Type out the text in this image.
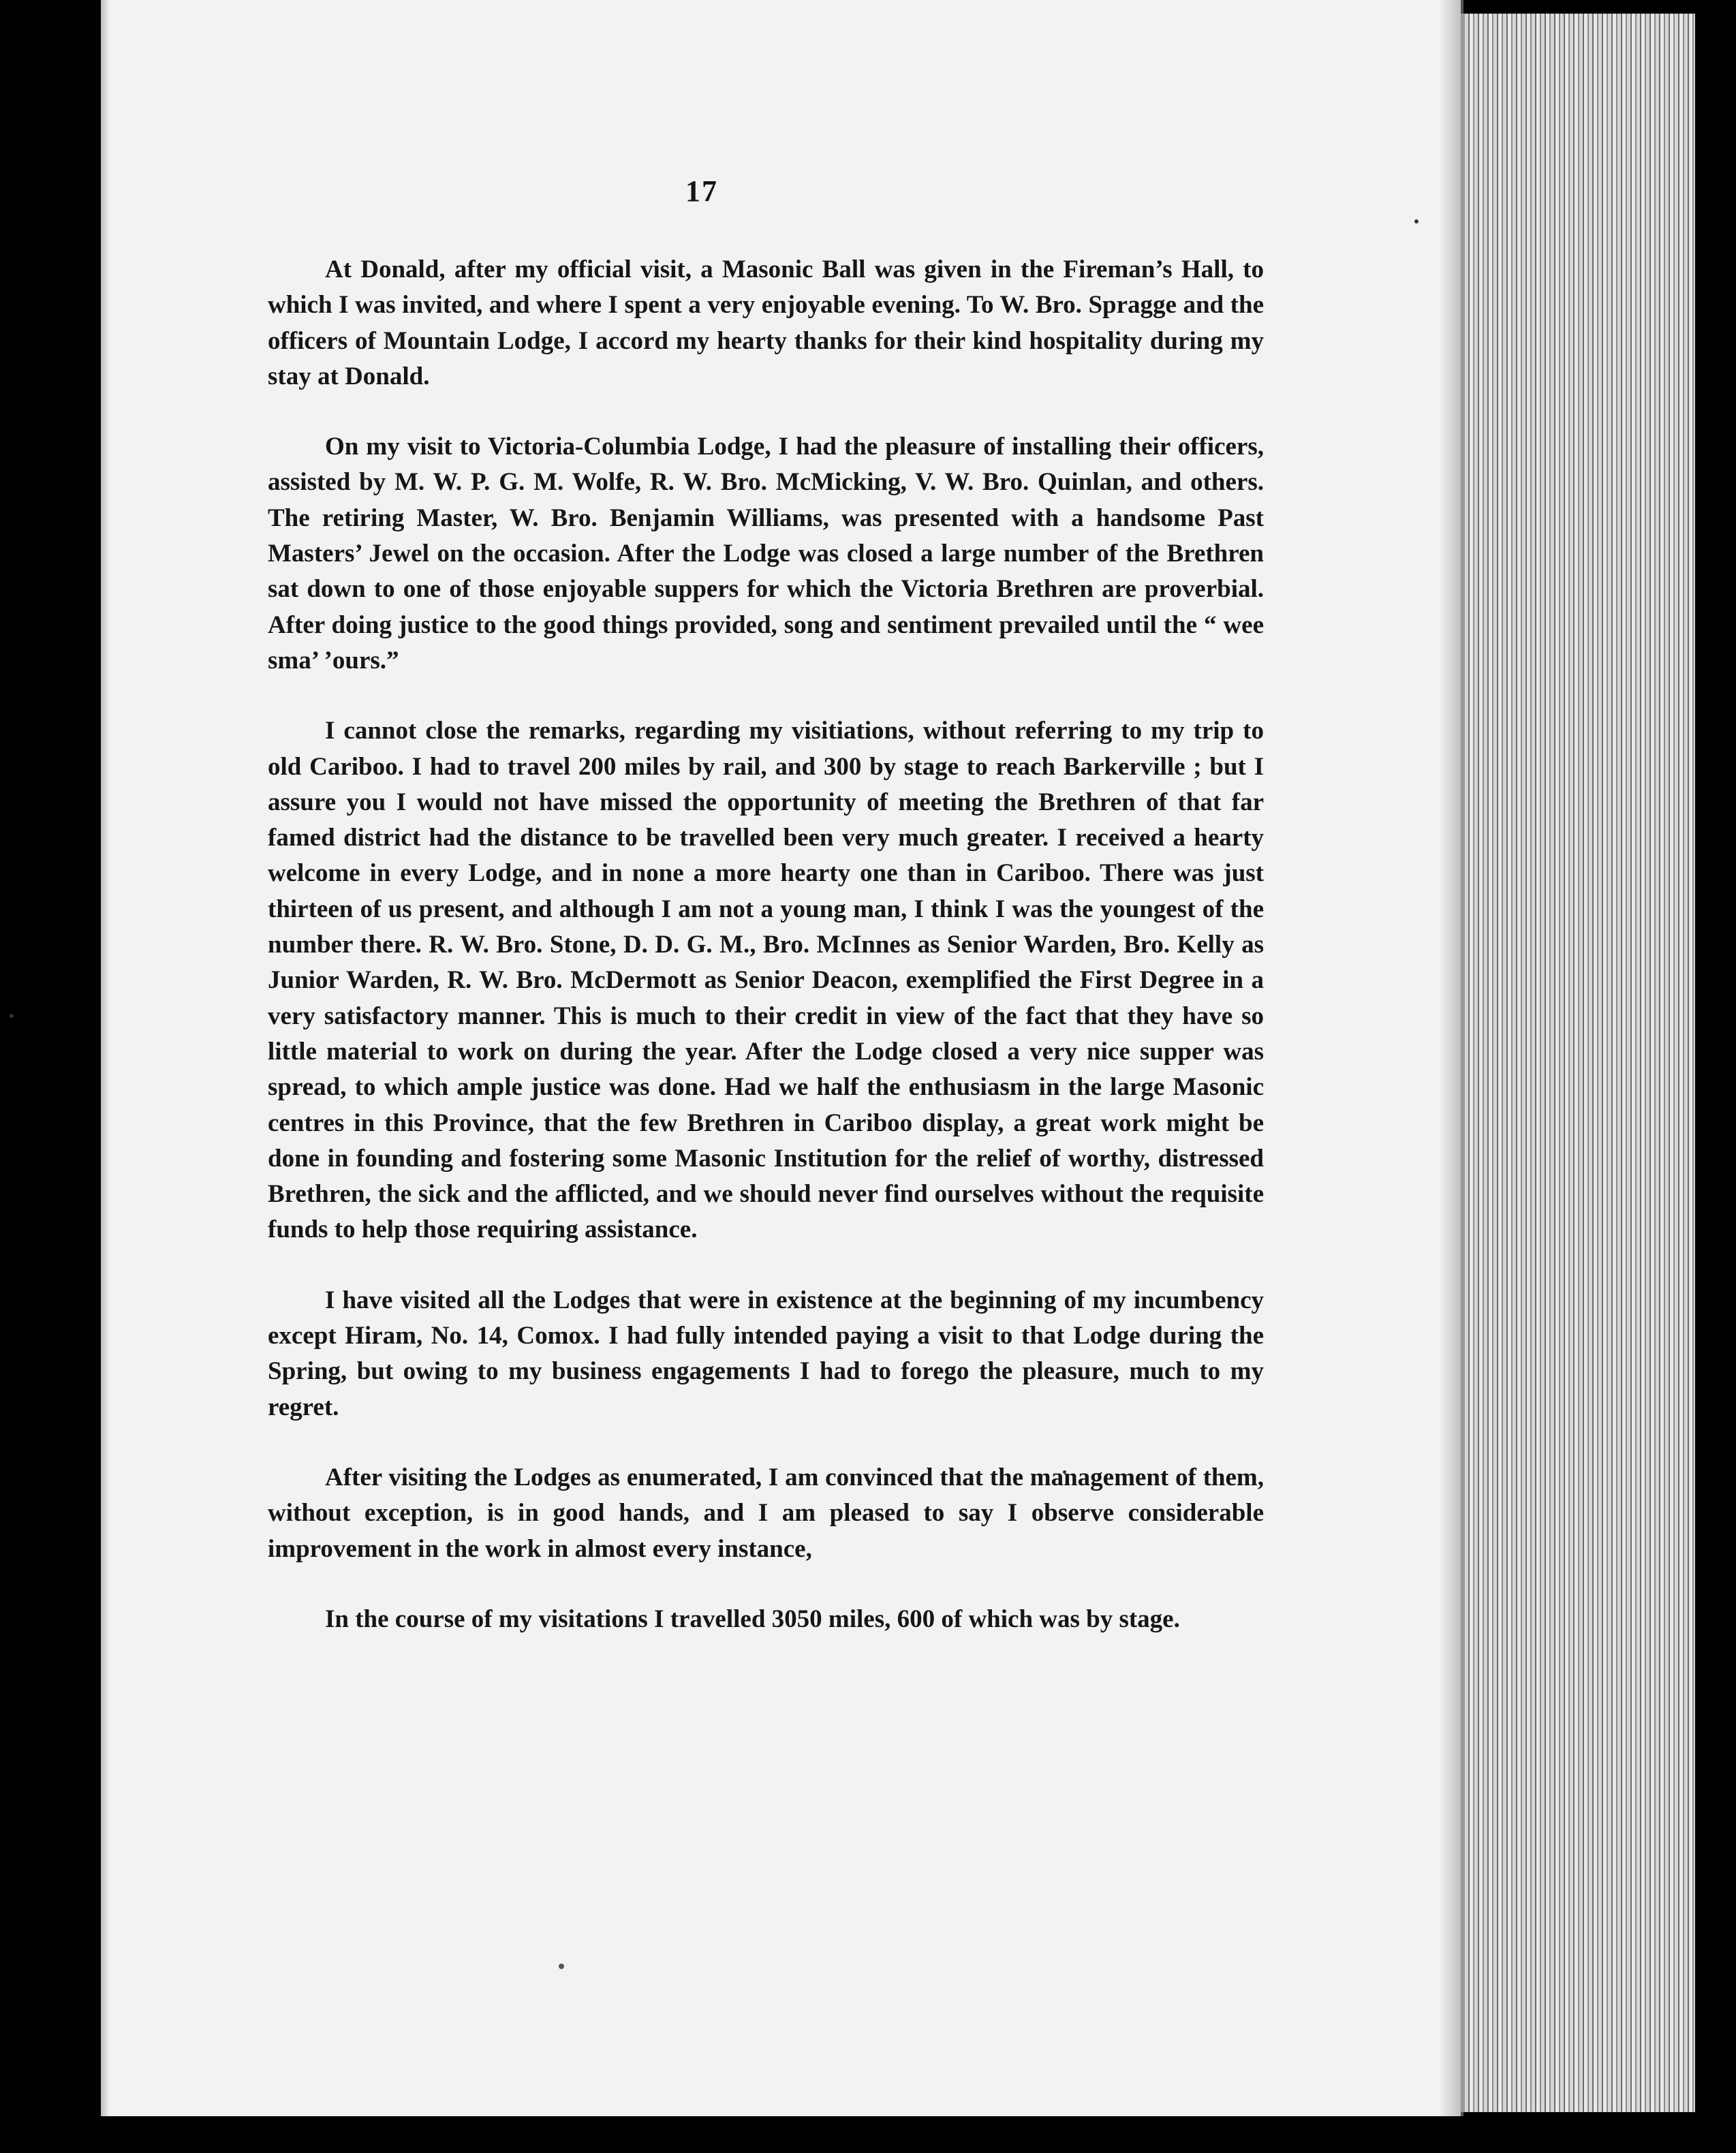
17

At Donald, after my official visit, a Masonic Ball was given in the Fireman’s Hall, to which I was invited, and where I spent a very enjoyable evening. To W. Bro. Spragge and the officers of Mountain Lodge, I accord my hearty thanks for their kind hospitality during my stay at Donald.

On my visit to Victoria-Columbia Lodge, I had the pleasure of installing their officers, assisted by M. W. P. G. M. Wolfe, R. W. Bro. McMicking, V. W. Bro. Quinlan, and others. The retiring Master, W. Bro. Benjamin Williams, was presented with a handsome Past Masters’ Jewel on the occasion. After the Lodge was closed a large number of the Brethren sat down to one of those enjoyable suppers for which the Victoria Brethren are proverbial. After doing justice to the good things provided, song and sentiment prevailed until the “ wee sma’ ’ours.”

I cannot close the remarks, regarding my visitiations, without referring to my trip to old Cariboo. I had to travel 200 miles by rail, and 300 by stage to reach Barkerville ; but I assure you I would not have missed the opportunity of meeting the Brethren of that far famed district had the distance to be travelled been very much greater. I received a hearty welcome in every Lodge, and in none a more hearty one than in Cariboo. There was just thirteen of us present, and although I am not a young man, I think I was the youngest of the number there. R. W. Bro. Stone, D. D. G. M., Bro. McInnes as Senior Warden, Bro. Kelly as Junior Warden, R. W. Bro. McDermott as Senior Deacon, exemplified the First Degree in a very satisfactory manner. This is much to their credit in view of the fact that they have so little material to work on during the year. After the Lodge closed a very nice supper was spread, to which ample justice was done. Had we half the enthusiasm in the large Masonic centres in this Province, that the few Brethren in Cariboo display, a great work might be done in founding and fostering some Masonic Institution for the relief of worthy, distressed Brethren, the sick and the afflicted, and we should never find ourselves without the requisite funds to help those requiring assistance.

I have visited all the Lodges that were in existence at the beginning of my incumbency except Hiram, No. 14, Comox. I had fully intended paying a visit to that Lodge during the Spring, but owing to my business engagements I had to forego the pleasure, much to my regret.

After visiting the Lodges as enumerated, I am convinced that the management of them, without exception, is in good hands, and I am pleased to say I observe considerable improvement in the work in almost every instance,

In the course of my visitations I travelled 3050 miles, 600 of which was by stage.
